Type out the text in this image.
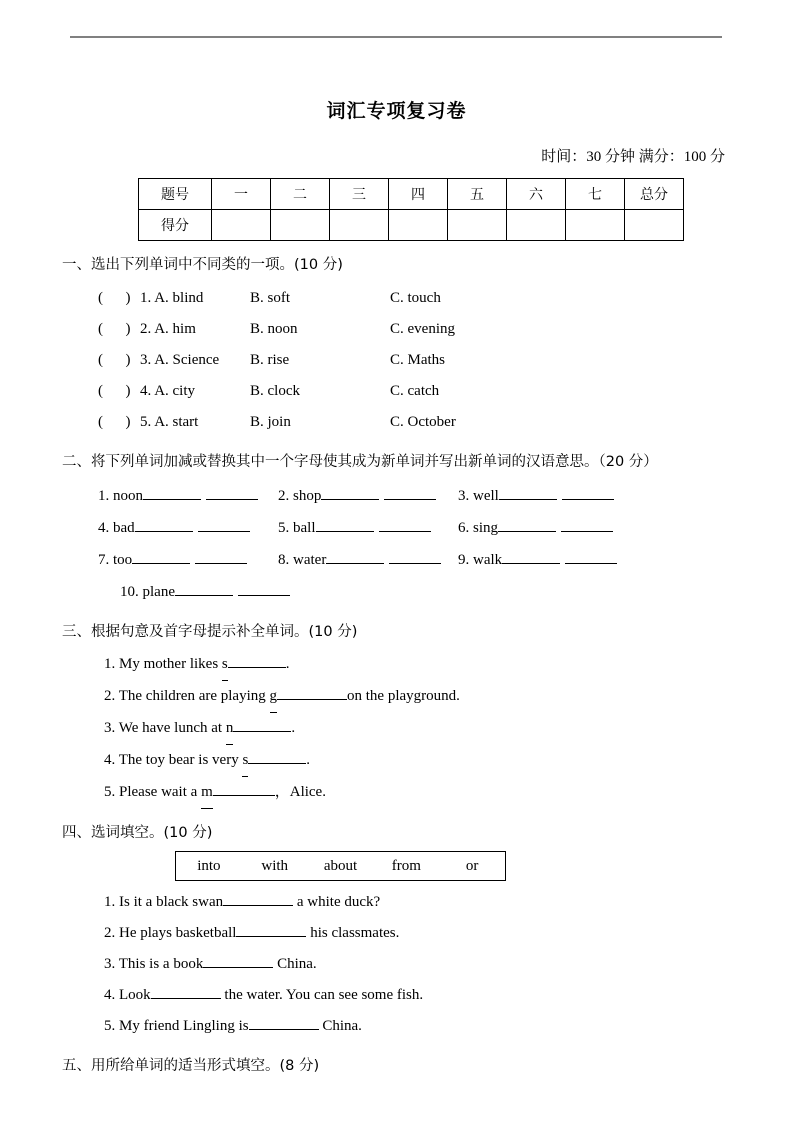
词汇专项复习卷
时间：30 分钟 满分：100 分
题号	一	二	三	四	五	六	七	总分
得分								
一、选出下列单词中不同类的一项。(10 分)
(      ) 1. A. blind	B. soft	C. touch
(      ) 2. A. him	B. noon	C. evening
(      ) 3. A. Science	B. rise	C. Maths
(      ) 4. A. city	B. clock	C. catch
(      ) 5. A. start	B. join	C. October
二、将下列单词加减或替换其中一个字母使其成为新单词并写出新单词的汉语意思。（20 分）
1. noon	2. shop	3. well
4. bad	5. ball	6. sing
7. too	8. water	9. walk
10. plane
三、根据句意及首字母提示补全单词。(10 分)
1. My mother likes s	.
2. The children are playing g	on the playground.
3. We have lunch at n	.
4. The toy bear is very s	.
5. Please wait a m	，Alice.
四、选词填空。(10 分)
into	with	about	from	or
1. Is it a black swan	a white duck?
2. He plays basketball	his classmates.
3. This is a book	China.
4. Look	the water. You can see some fish.
5. My friend Lingling is	China.
五、用所给单词的适当形式填空。(8 分)
